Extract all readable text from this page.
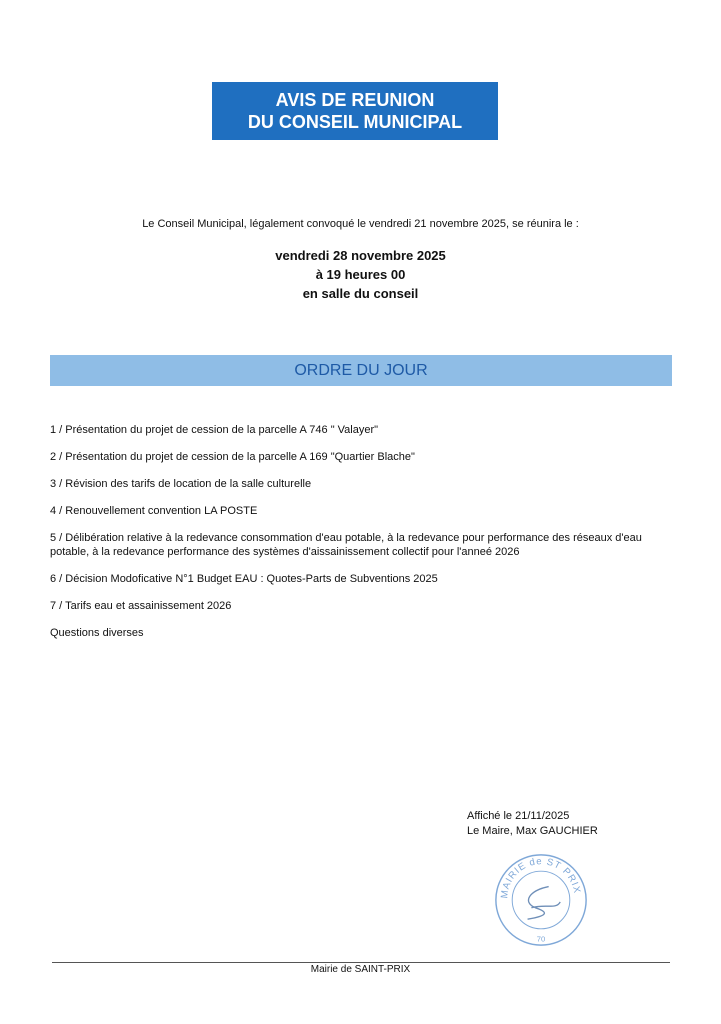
AVIS DE REUNION
DU CONSEIL MUNICIPAL
Le Conseil Municipal, légalement convoqué le vendredi 21 novembre 2025, se réunira le :
vendredi 28 novembre 2025
à 19 heures 00
en salle du conseil
ORDRE DU JOUR
1 / Présentation du projet de cession de la parcelle A 746 " Valayer"
2 / Présentation du projet de cession de la parcelle A 169 "Quartier Blache"
3 / Révision des tarifs de location de la salle culturelle
4 / Renouvellement convention LA POSTE
5 / Délibération relative à la redevance consommation d'eau potable, à la redevance pour performance des réseaux d'eau potable, à la redevance performance des systèmes d'aissainissement collectif pour l'anneé 2026
6 / Décision Modoficative N°1 Budget EAU : Quotes-Parts de Subventions 2025
7 / Tarifs eau et assainissement 2026
Questions diverses
Affiché le 21/11/2025
Le Maire, Max GAUCHIER
MAIRIE de ST PRIX
70
Mairie de SAINT-PRIX
